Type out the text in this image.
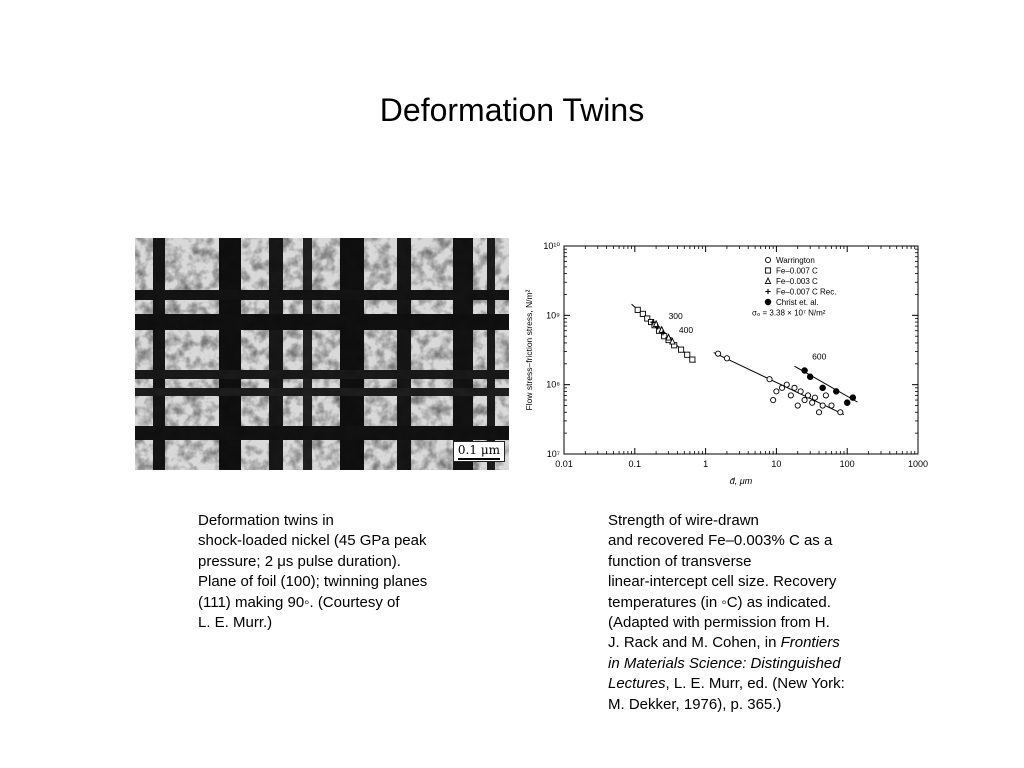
Deformation Twins
0.1 μm
0.01	0.1	1	10	100	1000
10⁷
10⁸
10⁹
10¹⁰
d̄, μm
Flow stress–friction stress, N/m²	300
400
600
Warrington
Fe–0.007 C
Fe–0.003 C
Fe–0.007 C Rec.
Christ et. al.
σ₀ = 3.38 × 10⁷ N/m²
Deformation twins in
shock-loaded nickel (45 GPa peak
pressure; 2 μs pulse duration).
Plane of foil (100); twinning planes
(111) making 90◦. (Courtesy of
L. E. Murr.)
Strength of wire-drawn
and recovered Fe–0.003% C as a
function of transverse
linear-intercept cell size. Recovery
temperatures (in ◦C) as indicated.
(Adapted with permission from H.
J. Rack and M. Cohen, in Frontiers
in Materials Science: Distinguished
Lectures, L. E. Murr, ed. (New York:
M. Dekker, 1976), p. 365.)
